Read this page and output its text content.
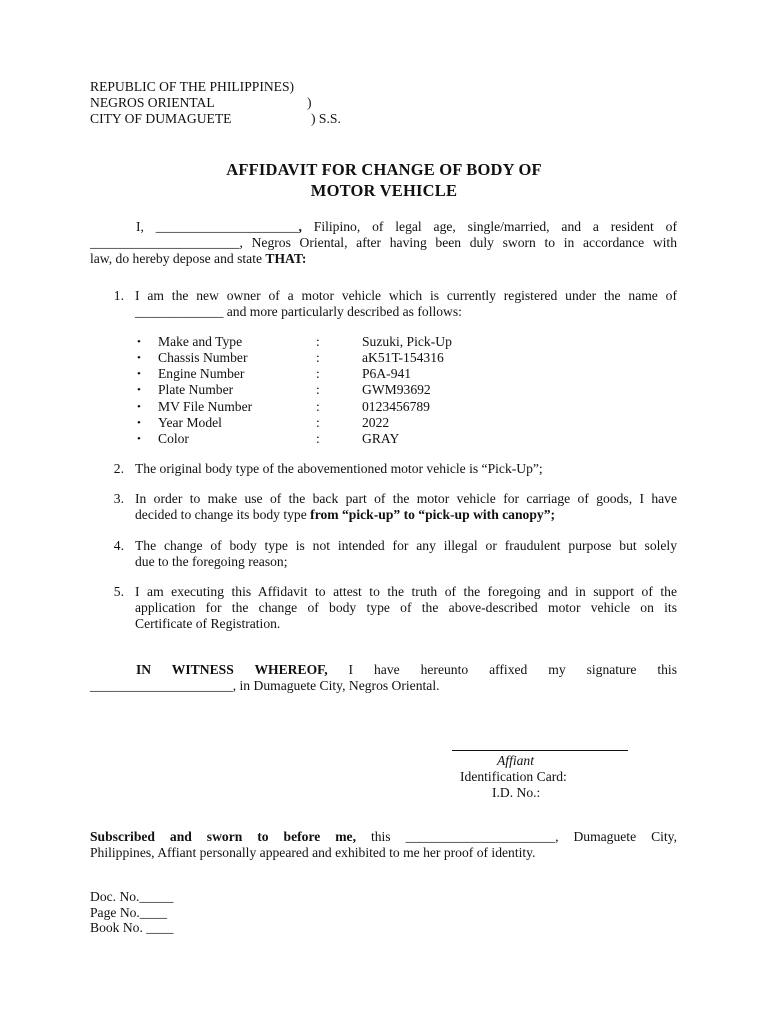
REPUBLIC OF THE PHILIPPINES)
NEGROS ORIENTAL	)
CITY OF DUMAGUETE	) S.S.
AFFIDAVIT FOR CHANGE OF BODY OF
MOTOR VEHICLE
I, _____________________, Filipino, of legal age, single/married, and a resident of
______________________, Negros Oriental, after having been duly sworn to in accordance with
law, do hereby depose and state THAT:
1. I am the new owner of a motor vehicle which is currently registered under the name of
_____________ and more particularly described as follows:
• Make and Type	:	Suzuki, Pick-Up
• Chassis Number	:	aK51T-154316
• Engine Number	:	P6A-941
• Plate Number	:	GWM93692
• MV File Number	:	0123456789
• Year Model	:	2022
• Color	:	GRAY
2. The original body type of the abovementioned motor vehicle is “Pick-Up”;
3. In order to make use of the back part of the motor vehicle for carriage of goods, I have
decided to change its body type from “pick-up” to “pick-up with canopy”;
4. The change of body type is not intended for any illegal or fraudulent purpose but solely
due to the foregoing reason;
5. I am executing this Affidavit to attest to the truth of the foregoing and in support of the
application for the change of body type of the above-described motor vehicle on its
Certificate of Registration.
IN WITNESS WHEREOF, I have hereunto affixed my signature this
_____________________, in Dumaguete City, Negros Oriental.
Affiant
Identification Card:
I.D. No.:
Subscribed and sworn to before me, this ______________________, Dumaguete City,
Philippines, Affiant personally appeared and exhibited to me her proof of identity.
Doc. No._____
Page No.____
Book No. ____
